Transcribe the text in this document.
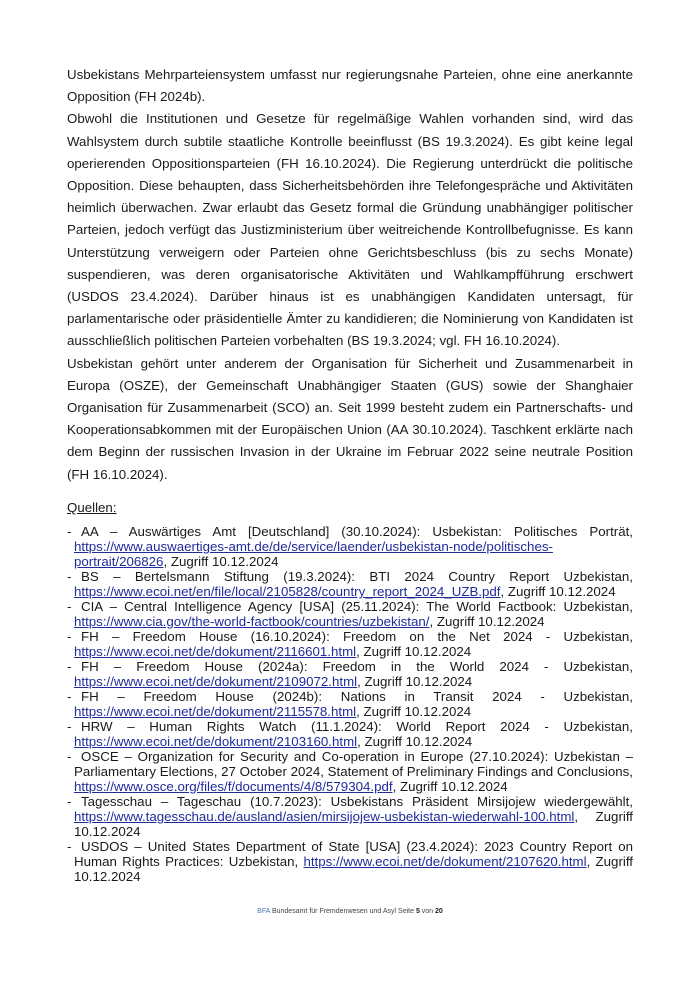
Usbekistans Mehrparteiensystem umfasst nur regierungsnahe Parteien, ohne eine anerkannte Opposition (FH 2024b).

Obwohl die Institutionen und Gesetze für regelmäßige Wahlen vorhanden sind, wird das Wahlsystem durch subtile staatliche Kontrolle beeinflusst (BS 19.3.2024). Es gibt keine legal operierenden Oppositionsparteien (FH 16.10.2024). Die Regierung unterdrückt die politische Opposition. Diese behaupten, dass Sicherheitsbehörden ihre Telefongespräche und Aktivitäten heimlich überwachen. Zwar erlaubt das Gesetz formal die Gründung unabhängiger politischer Parteien, jedoch verfügt das Justizministerium über weitreichende Kontrollbefugnisse. Es kann Unterstützung verweigern oder Parteien ohne Gerichtsbeschluss (bis zu sechs Monate) suspendieren, was deren organisatorische Aktivitäten und Wahlkampfführung erschwert (USDOS 23.4.2024). Darüber hinaus ist es unabhängigen Kandidaten untersagt, für parlamentarische oder präsidentielle Ämter zu kandidieren; die Nominierung von Kandidaten ist ausschließlich politischen Parteien vorbehalten (BS 19.3.2024; vgl. FH 16.10.2024).

Usbekistan gehört unter anderem der Organisation für Sicherheit und Zusammenarbeit in Europa (OSZE), der Gemeinschaft Unabhängiger Staaten (GUS) sowie der Shanghaier Organisation für Zusammenarbeit (SCO) an. Seit 1999 besteht zudem ein Partnerschafts- und Kooperationsabkommen mit der Europäischen Union (AA 30.10.2024). Taschkent erklärte nach dem Beginn der russischen Invasion in der Ukraine im Februar 2022 seine neutrale Position (FH 16.10.2024).

Quellen:

- AA – Auswärtiges Amt [Deutschland] (30.10.2024): Usbekistan: Politisches Porträt, https://www.auswaertiges-amt.de/de/service/laender/usbekistan-node/politisches-portrait/206826, Zugriff 10.12.2024
- BS – Bertelsmann Stiftung (19.3.2024): BTI 2024 Country Report Uzbekistan, https://www.ecoi.net/en/file/local/2105828/country_report_2024_UZB.pdf, Zugriff 10.12.2024
- CIA – Central Intelligence Agency [USA] (25.11.2024): The World Factbook: Uzbekistan, https://www.cia.gov/the-world-factbook/countries/uzbekistan/, Zugriff 10.12.2024
- FH – Freedom House (16.10.2024): Freedom on the Net 2024 - Uzbekistan, https://www.ecoi.net/de/dokument/2116601.html, Zugriff 10.12.2024
- FH – Freedom House (2024a): Freedom in the World 2024 - Uzbekistan, https://www.ecoi.net/de/dokument/2109072.html, Zugriff 10.12.2024
- FH – Freedom House (2024b): Nations in Transit 2024 - Uzbekistan, https://www.ecoi.net/de/dokument/2115578.html, Zugriff 10.12.2024
- HRW – Human Rights Watch (11.1.2024): World Report 2024 - Uzbekistan, https://www.ecoi.net/de/dokument/2103160.html, Zugriff 10.12.2024
- OSCE – Organization for Security and Co-operation in Europe (27.10.2024): Uzbekistan – Parliamentary Elections, 27 October 2024, Statement of Preliminary Findings and Conclusions, https://www.osce.org/files/f/documents/4/8/579304.pdf, Zugriff 10.12.2024
- Tagesschau – Tageschau (10.7.2023): Usbekistans Präsident Mirsijojew wiedergewählt, https://www.tagesschau.de/ausland/asien/mirsijojew-usbekistan-wiederwahl-100.html, Zugriff 10.12.2024
- USDOS – United States Department of State [USA] (23.4.2024): 2023 Country Report on Human Rights Practices: Uzbekistan, https://www.ecoi.net/de/dokument/2107620.html, Zugriff 10.12.2024
BFA Bundesamt für Fremdenwesen und Asyl Seite 5 von 20
